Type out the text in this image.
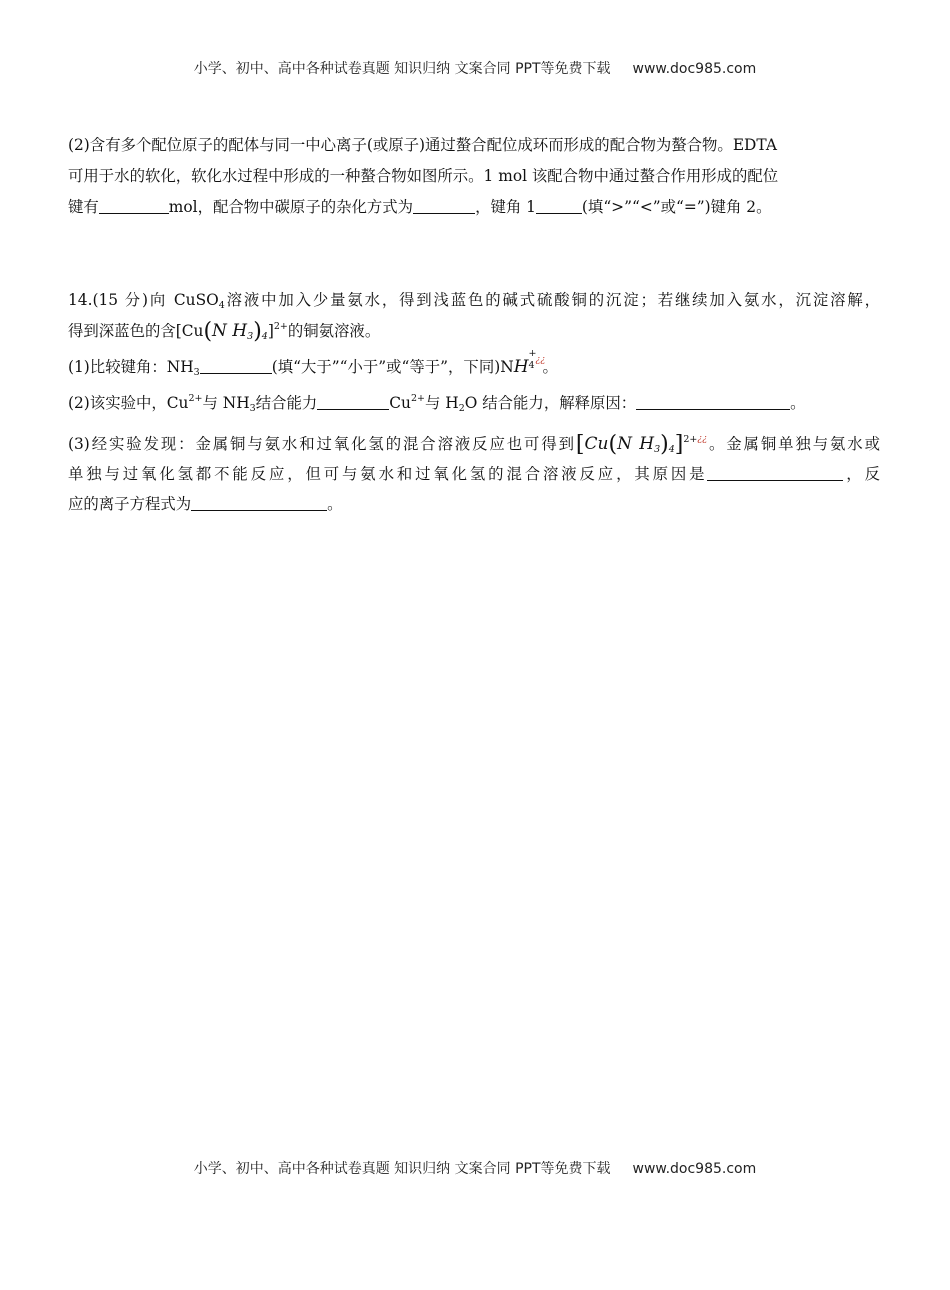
小学、初中、高中各种试卷真题 知识归纳 文案合同 PPT等免费下载 www.doc985.com
(2)含有多个配位原子的配体与同一中心离子(或原子)通过螯合配位成环而形成的配合物为螯合物。EDTA
可用于水的软化，软化水过程中形成的一种螯合物如图所示。1 mol 该配合物中通过螯合作用形成的配位
键有	mol，配合物中碳原子的杂化方式为	，键角 1	(填“>”“<”或“=”)键角 2。
14.(15 分)向 CuSO$_4$溶液中加入少量氨水，得到浅蓝色的碱式硫酸铜的沉淀；若继续加入氨水，沉淀溶解，
得到深蓝色的含[Cu(N $H_3)_4]^{2+}$的铜氨溶液。
(1)比较键角：$NH_3$	(填“大于”“小于”或“等于”，下同)NH
+
4 ¿¿
。
(2)该实验中，$Cu^{2+}$与 $NH_3$结合能力	$Cu^{2+}$与 $H_2O$ 结合能力，解释原因：	。
(3)经实验发现：金属铜与氨水和过氧化氢的混合溶液反应也可得到[Cu(N $H_3)_4]^{2+¿¿}$。金属铜单独与氨水或
单独与过氧化氢都不能反应，但可与氨水和过氧化氢的混合溶液反应，其原因是	，反
应的离子方程式为	。
小学、初中、高中各种试卷真题 知识归纳 文案合同 PPT等免费下载 www.doc985.com
